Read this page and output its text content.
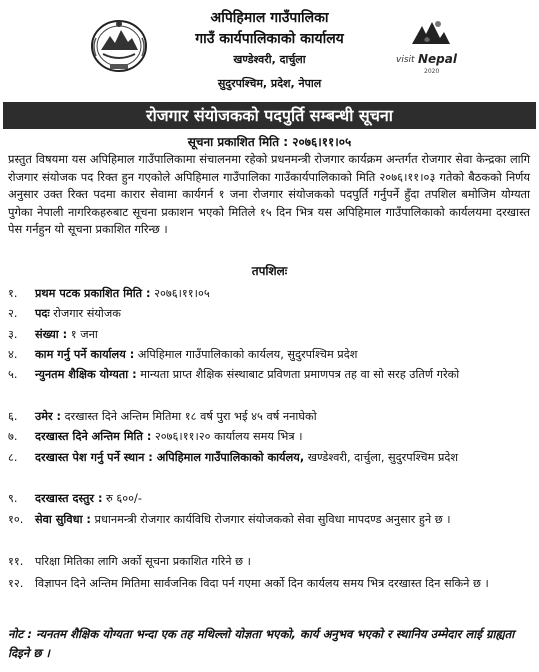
अपिहिमाल गाउँपालिका
गाउँ कार्यपालिकाको कार्यालय
खण्डेश्वरी, दार्चुला
सुदुरपश्चिम, प्रदेश, नेपाल
visit Nepal
2020
रोजगार संयोजकको पदपुर्ति सम्बन्धी सूचना
सूचना प्रकाशित मिति : २०७६।११।०५
प्रस्तुत विषयमा यस अपिहिमाल गाउँपालिकामा संचालनमा रहेको प्रधनमन्त्री रोजगार कार्यक्रम अन्तर्गत रोजगार सेवा केन्द्रका लागि रोजगार संयोजक पद रिक्त हुन गएकोले अपिहिमाल गाउँपालिका गाउँकार्यपालिकाको मिति २०७६।११।०३ गतेको बैठकको निर्णय अनुसार उक्त रिक्त पदमा कारार सेवामा कार्यगर्न १ जना रोजगार संयोजकको पदपुर्ति गर्नुपर्ने हुँदा तपशिल बमोजिम योग्यता पुगेका नेपाली नागरिकहरुबाट सूचना प्रकाशन भएको मितिले १५ दिन भित्र यस अपिहिमाल गाउँपालिकाको कार्यलयमा दरखास्त पेस गर्नहुन यो सूचना प्रकाशित गरिन्छ ।
तपशिलः
१.	प्रथम पटक प्रकाशित मिति : २०७६।११।०५
२.	पदः रोजगार संयोजक
३.	संख्या : १ जना
४.	काम गर्नु पर्ने कार्यालय : अपिहिमाल गाउँपालिकाको कार्यलय, सुदुरपश्चिम प्रदेश
५.	न्युनतम शैक्षिक योग्यता : मान्यता प्राप्त शैक्षिक संस्थाबाट प्रविणता प्रमाणपत्र तह वा सो सरह उतिर्ण गरेको
६.	उमेर : दरखास्त दिने अन्तिम मितिमा १८ वर्ष पुरा भई ४५ वर्ष ननाघेको
७.	दरखास्त दिने अन्तिम मिति : २०७६।११।२० कार्यालय समय भित्र ।
८.	दरखास्त पेश गर्नु पर्ने स्थान : अपिहिमाल गाउँपालिकाको कार्यलय, खण्डेश्वरी, दार्चुला, सुदुरपश्चिम प्रदेश
९.	दरखास्त दस्तुर : रु ६००/-
१०.	सेवा सुविधा : प्रधानमन्त्री रोजगार कार्यविधि रोजगार संयोजकको सेवा सुविधा मापदण्ड अनुसार हुने छ ।
११.	परिक्षा मितिका लागि अर्को सूचना प्रकाशित गरिने छ ।
१२.	विज्ञापन दिने अन्तिम मितिमा सार्वजनिक विदा पर्न गएमा अर्को दिन कार्यलय समय भित्र दरखास्त दिन सकिने छ ।
नोट : न्यनतम शैक्षिक योग्यता भन्दा एक तह मथिल्लो योज्ञता भएको, कार्य अनुभव भएको र स्थानिय उम्मेदार लाई ग्राह्यता दिइने छ ।
